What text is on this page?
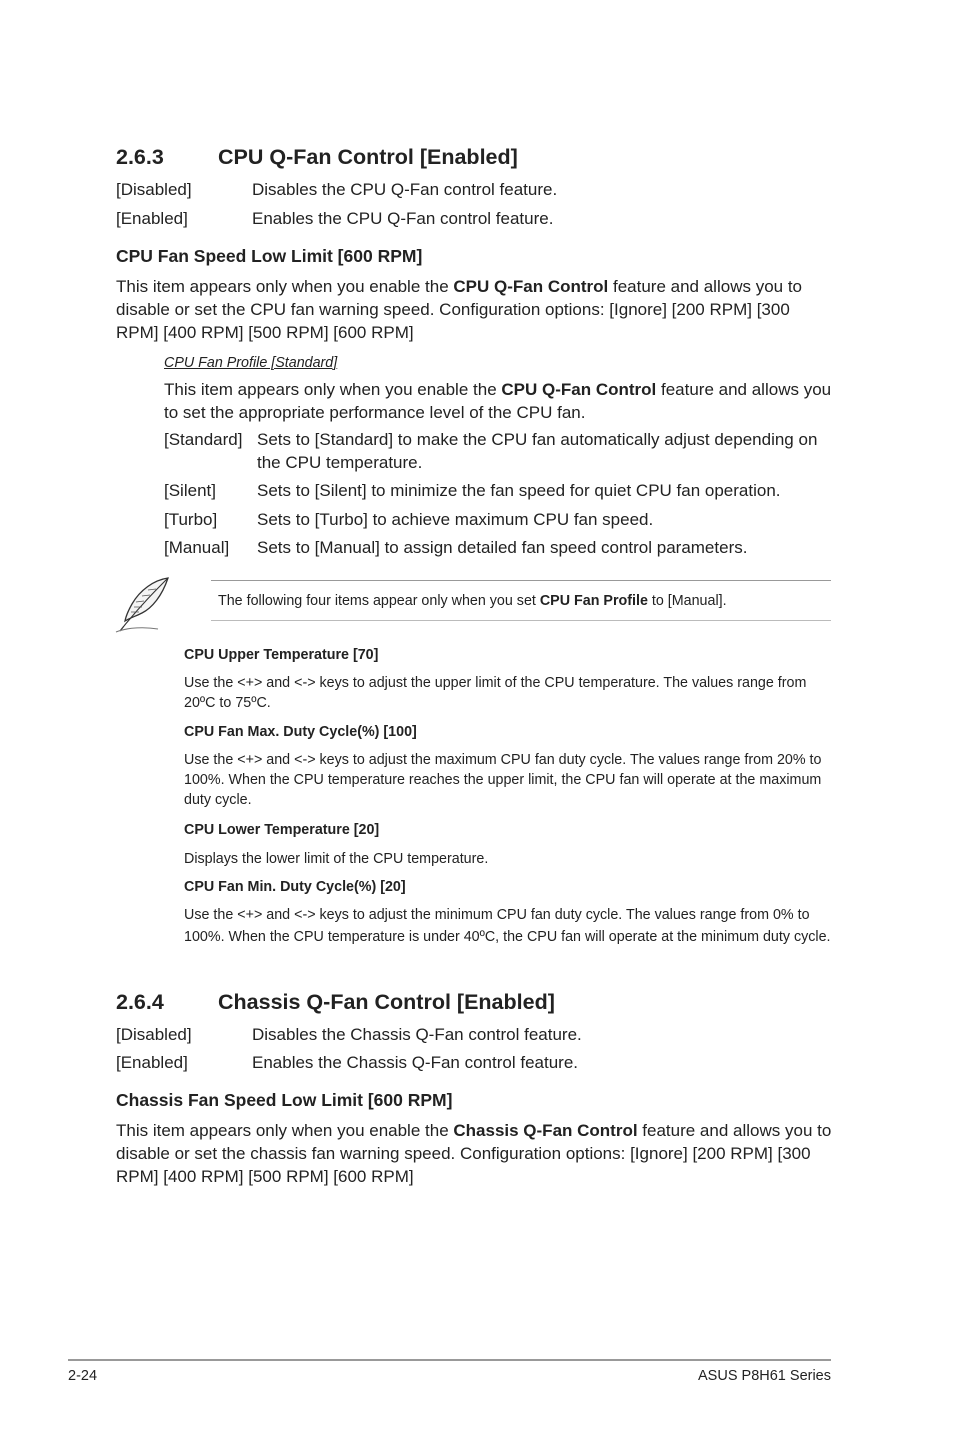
2.6.3	CPU Q-Fan Control [Enabled]
[Disabled]	Disables the CPU Q-Fan control feature.
[Enabled]	Enables the CPU Q-Fan control feature.
CPU Fan Speed Low Limit [600 RPM]
This item appears only when you enable the CPU Q-Fan Control feature and allows you to disable or set the CPU fan warning speed. Configuration options: [Ignore] [200 RPM] [300 RPM] [400 RPM] [500 RPM] [600 RPM]
CPU Fan Profile [Standard]
This item appears only when you enable the CPU Q-Fan Control feature and allows you to set the appropriate performance level of the CPU fan.
[Standard] Sets to [Standard] to make the CPU fan automatically adjust depending on the CPU temperature.
[Silent] Sets to [Silent] to minimize the fan speed for quiet CPU fan operation.
[Turbo] Sets to [Turbo] to achieve maximum CPU fan speed.
[Manual] Sets to [Manual] to assign detailed fan speed control parameters.
The following four items appear only when you set CPU Fan Profile to [Manual].
CPU Upper Temperature [70]
Use the <+> and <-> keys to adjust the upper limit of the CPU temperature. The values range from 20ºC to 75ºC.
CPU Fan Max. Duty Cycle(%) [100]
Use the <+> and <-> keys to adjust the maximum CPU fan duty cycle. The values range from 20% to 100%. When the CPU temperature reaches the upper limit, the CPU fan will operate at the maximum duty cycle.
CPU Lower Temperature [20]
Displays the lower limit of the CPU temperature.
CPU Fan Min. Duty Cycle(%) [20]
Use the <+> and <-> keys to adjust the minimum CPU fan duty cycle. The values range from 0% to 100%. When the CPU temperature is under 40ºC, the CPU fan will operate at the minimum duty cycle.
2.6.4	Chassis Q-Fan Control [Enabled]
[Disabled]	Disables the Chassis Q-Fan control feature.
[Enabled]	Enables the Chassis Q-Fan control feature.
Chassis Fan Speed Low Limit [600 RPM]
This item appears only when you enable the Chassis Q-Fan Control feature and allows you to disable or set the chassis fan warning speed. Configuration options: [Ignore] [200 RPM] [300 RPM] [400 RPM] [500 RPM] [600 RPM]
2-24	ASUS P8H61 Series
